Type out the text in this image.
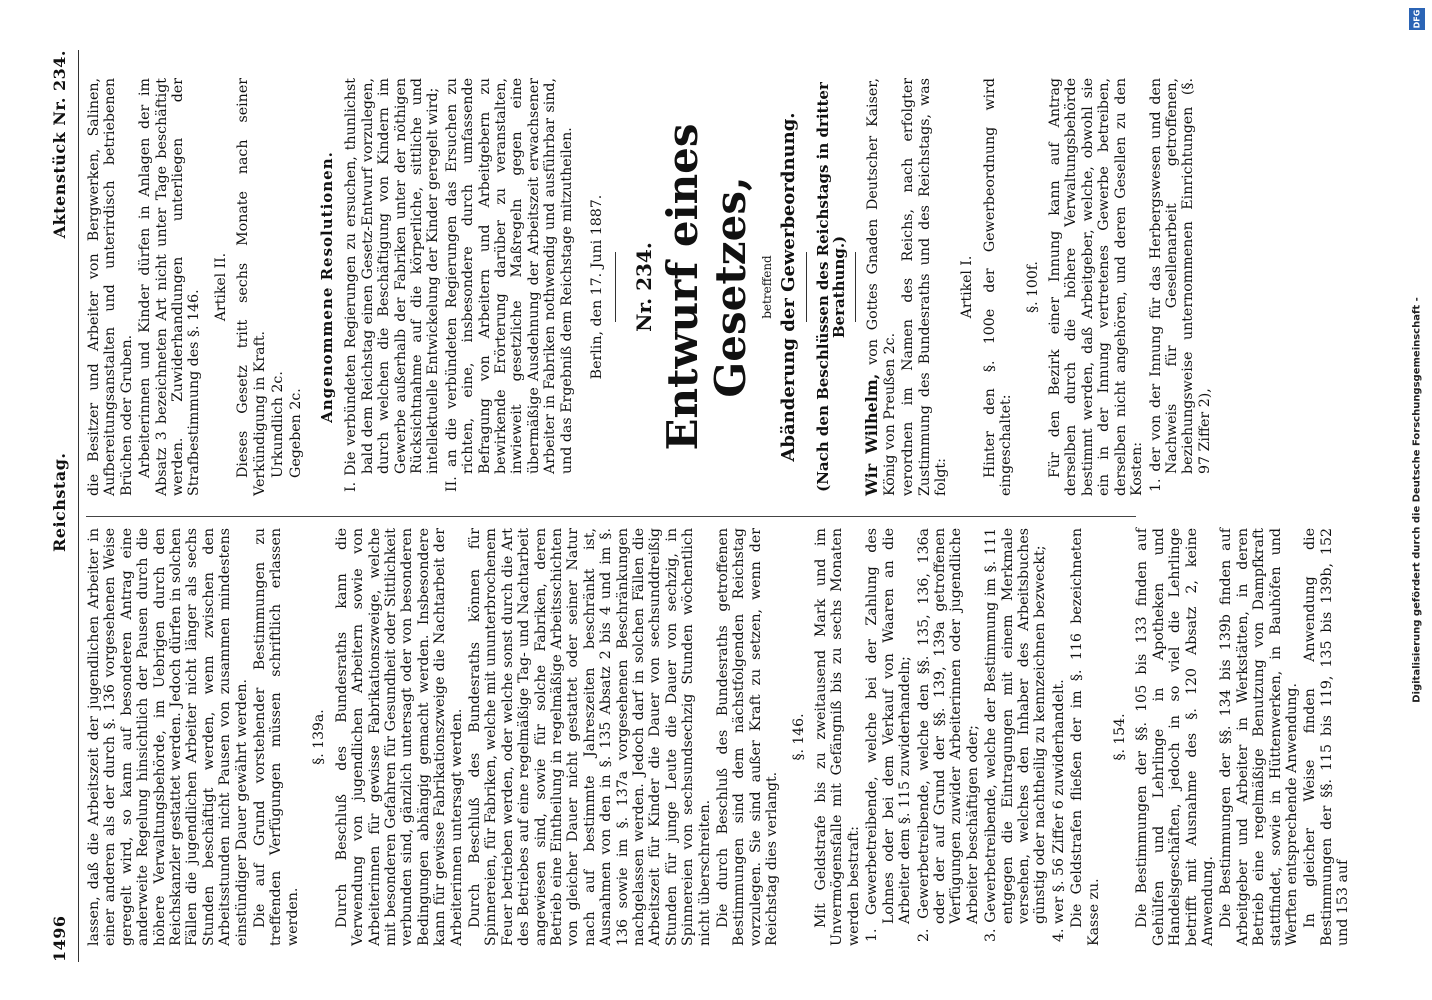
1496
Reichstag.
Aktenstück Nr. 234.

lassen, daß die Arbeitszeit der jugendlichen Arbeiter in einer anderen als der durch §. 136 vorgesehenen Weise geregelt wird, so kann auf besonderen Antrag eine anderweite Regelung hinsichtlich der Pausen durch die höhere Verwaltungsbehörde, im Uebrigen durch den Reichskanzler gestattet werden. Jedoch dürfen in solchen Fällen die jugendlichen Arbeiter nicht länger als sechs Stunden beschäftigt werden, wenn zwischen den Arbeitsstunden nicht Pausen von zusammen mindestens einstündiger Dauer gewährt werden. Die auf Grund vorstehender Bestimmungen zu treffenden Verfügungen müssen schriftlich erlassen werden.

§. 139a. Durch Beschluß des Bundesraths kann die Verwendung von jugendlichen Arbeitern sowie von Arbeiterinnen für gewisse Fabrikationszweige, welche mit besonderen Gefahren für Gesundheit oder Sittlichkeit verbunden sind, gänzlich untersagt oder von besonderen Bedingungen abhängig gemacht werden. Insbesondere kann für gewisse Fabrikationszweige die Nachtarbeit der Arbeiterinnen untersagt werden. Durch Beschluß des Bundesraths können für Spinnereien, für Fabriken, welche mit ununterbrochenem Feuer betrieben werden, oder welche sonst durch die Art des Betriebes auf eine regelmäßige Tag- und Nachtarbeit angewiesen sind, sowie für solche Fabriken, deren Betrieb eine Eintheilung in regelmäßige Arbeitsschichten von gleicher Dauer nicht gestattet oder seiner Natur nach auf bestimmte Jahreszeiten beschränkt ist, Ausnahmen von den in §. 135 Absatz 2 bis 4 und im §. 136 sowie im §. 137a vorgesehenen Beschränkungen nachgelassen werden. Jedoch darf in solchen Fällen die Arbeitszeit für Kinder die Dauer von sechsunddreißig Stunden für junge Leute die Dauer von sechzig, in Spinnereien von sechsundsechzig Stunden wöchentlich nicht überschreiten. Die durch Beschluß des Bundesraths getroffenen Bestimmungen sind dem nächstfolgenden Reichstag vorzulegen. Sie sind außer Kraft zu setzen, wenn der Reichstag dies verlangt.

§. 146. Mit Geldstrafe bis zu zweitausend Mark und im Unvermögensfalle mit Gefängniß bis zu sechs Monaten werden bestraft: 1. Gewerbetreibende, welche bei der Zahlung des Lohnes oder bei dem Verkauf von Waaren an die Arbeiter dem §. 115 zuwiderhandeln; 2. Gewerbetreibende, welche den §§. 135, 136, 136a oder der auf Grund der §§. 139, 139a getroffenen Verfügungen zuwider Arbeiterinnen oder jugendliche Arbeiter beschäftigen oder; 3. Gewerbetreibende, welche der Bestimmung im §. 111 entgegen die Eintragungen mit einem Merkmale versehen, welches den Inhaber des Arbeitsbuches günstig oder nachtheilig zu kennzeichnen bezweckt; 4. wer §. 56 Ziffer 6 zuwiderhandelt. Die Geldstrafen fließen der im §. 116 bezeichneten Kasse zu.

§. 154. Die Bestimmungen der §§. 105 bis 133 finden auf Gehülfen und Lehrlinge in Apotheken und Handelsgeschäften, jedoch in so viel die Lehrlinge betrifft mit Ausnahme des §. 120 Absatz 2, keine Anwendung. Die Bestimmungen der §§. 134 bis 139b finden auf Arbeitgeber und Arbeiter in Werkstätten, in deren Betrieb eine regelmäßige Benutzung von Dampfkraft stattfindet, sowie in Hüttenwerken, in Bauhöfen und Werften entsprechende Anwendung. In gleicher Weise finden Anwendung die Bestimmungen der §§. 115 bis 119, 135 bis 139b, 152 und 153 auf

die Besitzer und Arbeiter von Bergwerken, Salinen, Aufbereitungsanstalten und unterirdisch betriebenen Brüchen oder Gruben. Arbeiterinnen und Kinder dürfen in Anlagen der im Absatz 3 bezeichneten Art nicht unter Tage beschäftigt werden. Zuwiderhandlungen unterliegen der Strafbestimmung des §. 146.

Artikel II. Dieses Gesetz tritt sechs Monate nach seiner Verkündigung in Kraft. Urkundlich 2c. Gegeben 2c.

Angenommene Resolutionen. I. Die verbündeten Regierungen zu ersuchen, thunlichst bald dem Reichstag einen Gesetz-Entwurf vorzulegen, durch welchen die Beschäftigung von Kindern im Gewerbe außerhalb der Fabriken unter der nöthigen Rücksichtnahme auf die körperliche, sittliche und intellektuelle Entwickelung der Kinder geregelt wird; II. an die verbündeten Regierungen das Ersuchen zu richten, eine, insbesondere durch umfassende Befragung von Arbeitern und Arbeitgebern zu bewirkende Erörterung darüber zu veranstalten, inwieweit gesetzliche Maßregeln gegen eine übermäßige Ausdehnung der Arbeitszeit erwachsener Arbeiter in Fabriken nothwendig und ausführbar sind, und das Ergebniß dem Reichstage mitzutheilen. Berlin, den 17. Juni 1887. Nr. 234. Entwurf eines Gesetzes, betreffend Abänderung der Gewerbeordnung. (Nach den Beschlüssen des Reichstags in dritter Berathung.)

Wir Wilhelm, von Gottes Gnaden Deutscher Kaiser, König von Preußen 2c. verordnen im Namen des Reichs, nach erfolgter Zustimmung des Bundesraths und des Reichstags, was folgt:

Artikel I. Hinter den §. 100e der Gewerbeordnung wird eingeschaltet:

§. 100f. Für den Bezirk einer Innung kann auf Antrag derselben durch die höhere Verwaltungsbehörde bestimmt werden, daß Arbeitgeber, welche, obwohl sie ein in der Innung vertretenes Gewerbe betreiben, derselben nicht angehören, und deren Gesellen zu den Kosten: 1. der von der Innung für das Herbergswesen und den Nachweis für Gesellenarbeit getroffenen, beziehungsweise unternommenen Einrichtungen (§. 97 Ziffer 2),

DFG
Digitalisierung gefördert durch die Deutsche Forschungsgemeinschaft -
